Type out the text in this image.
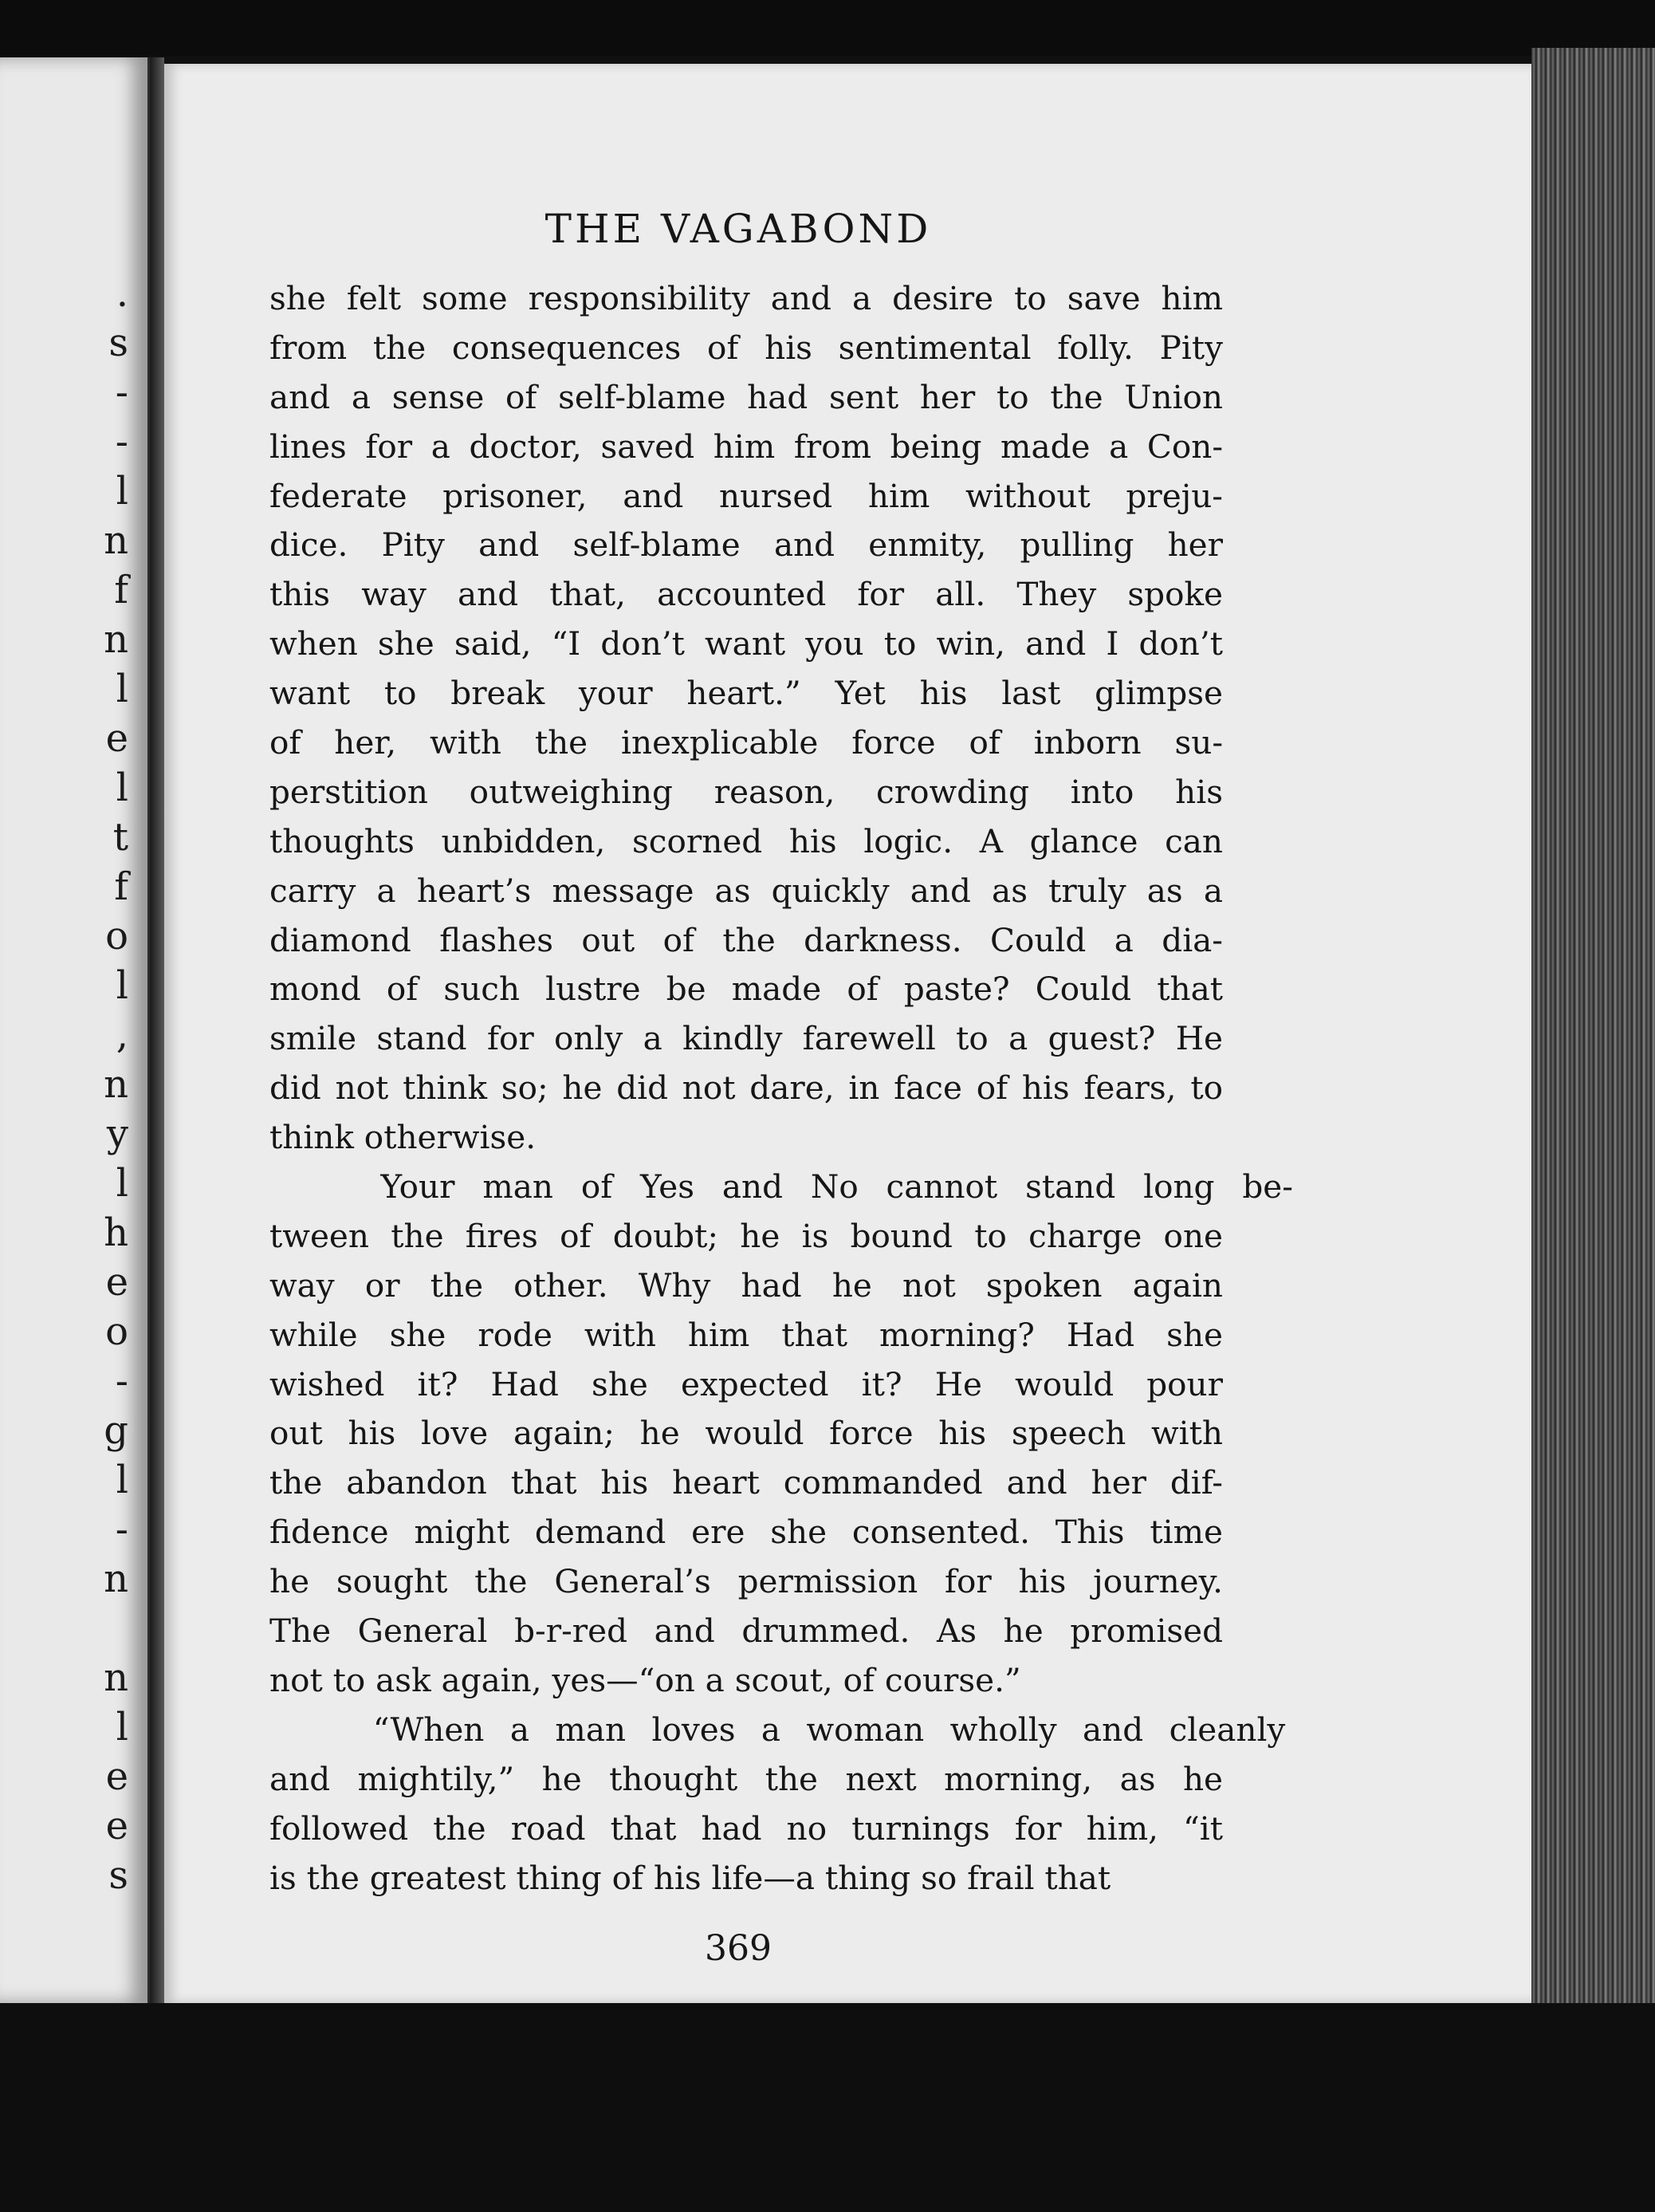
.
s
-
-
l
n
f
n
l
e
l
t
f
o
l
,
n
y
l
h
e
o
-
g
l
-
n
n
l
e
e
s
THE VAGABOND
she felt some responsibility and a desire to save him
from the consequences of his sentimental folly. Pity
and a sense of self-blame had sent her to the Union
lines for a doctor, saved him from being made a Con-
federate prisoner, and nursed him without preju-
dice. Pity and self-blame and enmity, pulling her
this way and that, accounted for all. They spoke
when she said, “I don’t want you to win, and I don’t
want to break your heart.” Yet his last glimpse
of her, with the inexplicable force of inborn su-
perstition outweighing reason, crowding into his
thoughts unbidden, scorned his logic. A glance can
carry a heart’s message as quickly and as truly as a
diamond flashes out of the darkness. Could a dia-
mond of such lustre be made of paste? Could that
smile stand for only a kindly farewell to a guest? He
did not think so; he did not dare, in face of his fears, to
think otherwise.
Your man of Yes and No cannot stand long be-
tween the fires of doubt; he is bound to charge one
way or the other. Why had he not spoken again
while she rode with him that morning? Had she
wished it? Had she expected it? He would pour
out his love again; he would force his speech with
the abandon that his heart commanded and her dif-
fidence might demand ere she consented. This time
he sought the General’s permission for his journey.
The General b-r-red and drummed. As he promised
not to ask again, yes—“on a scout, of course.”
“When a man loves a woman wholly and cleanly
and mightily,” he thought the next morning, as he
followed the road that had no turnings for him, “it
is the greatest thing of his life—a thing so frail that
369
